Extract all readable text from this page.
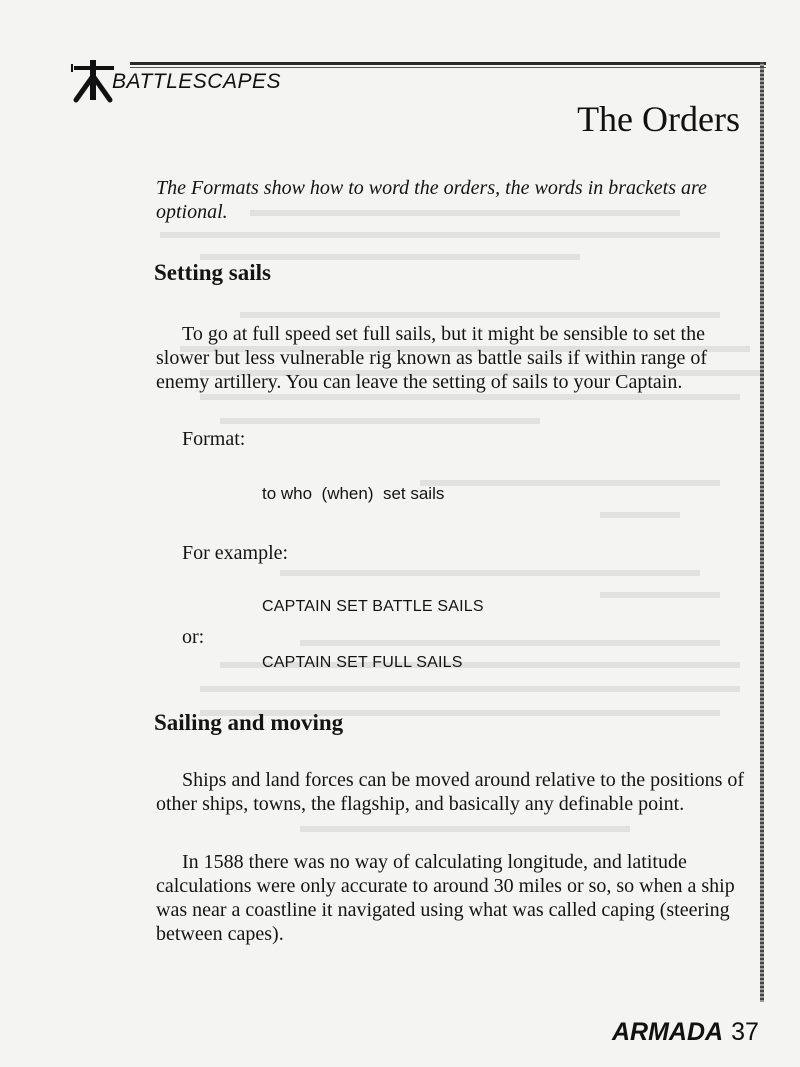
BATTLESCAPES
The Orders
The Formats show how to word the orders, the words in brackets are optional.
Setting sails
To go at full speed set full sails, but it might be sensible to set the slower but less vulnerable rig known as battle sails if within range of enemy artillery. You can leave the setting of sails to your Captain.
Format:
to who  (when)  set sails
For example:
CAPTAIN SET BATTLE SAILS
or:
CAPTAIN SET FULL SAILS
Sailing and moving
Ships and land forces can be moved around relative to the positions of other ships, towns, the flagship, and basically any definable point.
In 1588 there was no way of calculating longitude, and latitude calculations were only accurate to around 30 miles or so, so when a ship was near a coastline it navigated using what was called caping (steering between capes).
ARMADA 37
